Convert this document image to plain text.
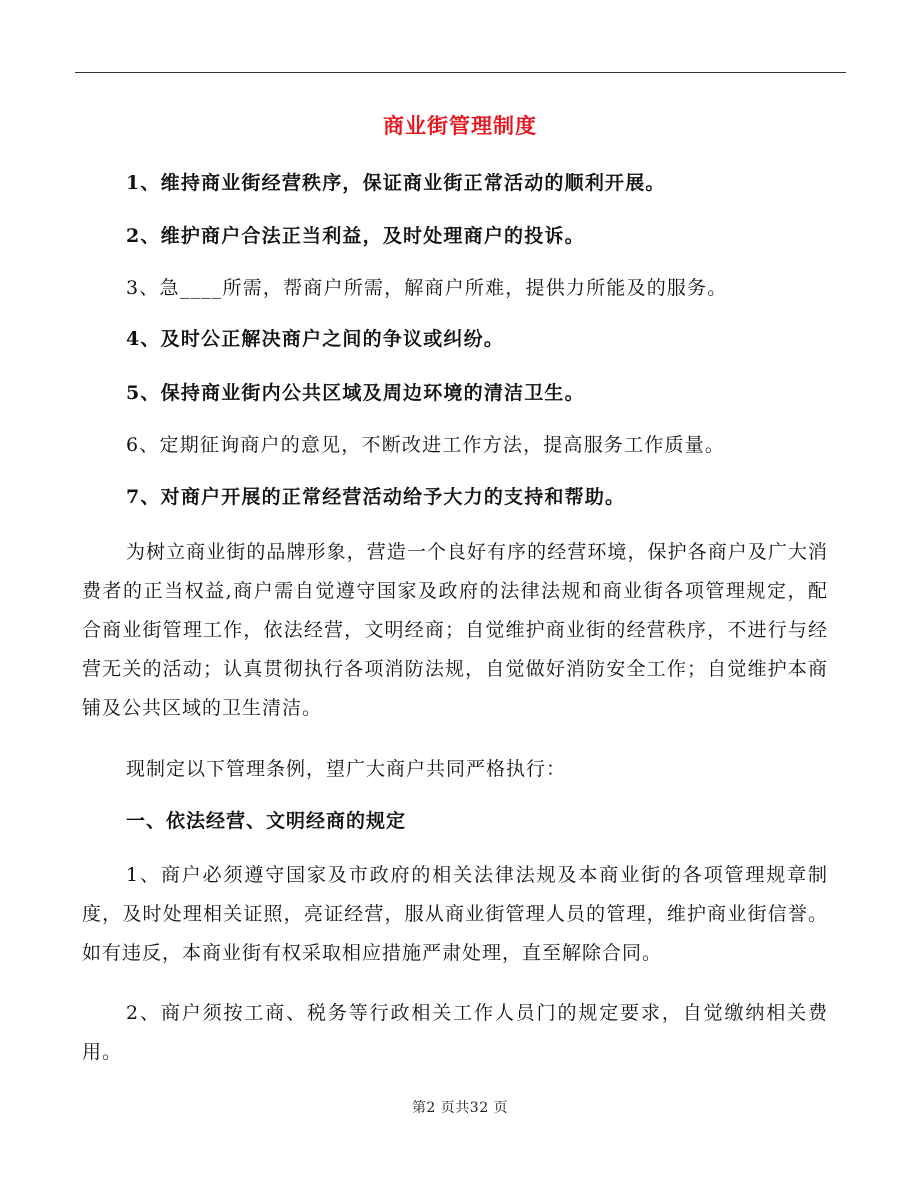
商业街管理制度
1、维持商业街经营秩序，保证商业街正常活动的顺利开展。
2、维护商户合法正当利益，及时处理商户的投诉。
3、急____所需，帮商户所需，解商户所难，提供力所能及的服务。
4、及时公正解决商户之间的争议或纠纷。
5、保持商业街内公共区域及周边环境的清洁卫生。
6、定期征询商户的意见，不断改进工作方法，提高服务工作质量。
7、对商户开展的正常经营活动给予大力的支持和帮助。
为树立商业街的品牌形象，营造一个良好有序的经营环境，保护各商户及广大消费者的正当权益,商户需自觉遵守国家及政府的法律法规和商业街各项管理规定，配合商业街管理工作，依法经营，文明经商；自觉维护商业街的经营秩序，不进行与经营无关的活动；认真贯彻执行各项消防法规，自觉做好消防安全工作；自觉维护本商铺及公共区域的卫生清洁。
现制定以下管理条例，望广大商户共同严格执行：
一、依法经营、文明经商的规定
1、商户必须遵守国家及市政府的相关法律法规及本商业街的各项管理规章制度，及时处理相关证照，亮证经营，服从商业街管理人员的管理，维护商业街信誉。如有违反，本商业街有权采取相应措施严肃处理，直至解除合同。
2、商户须按工商、税务等行政相关工作人员门的规定要求，自觉缴纳相关费用。
第2 页共32 页
